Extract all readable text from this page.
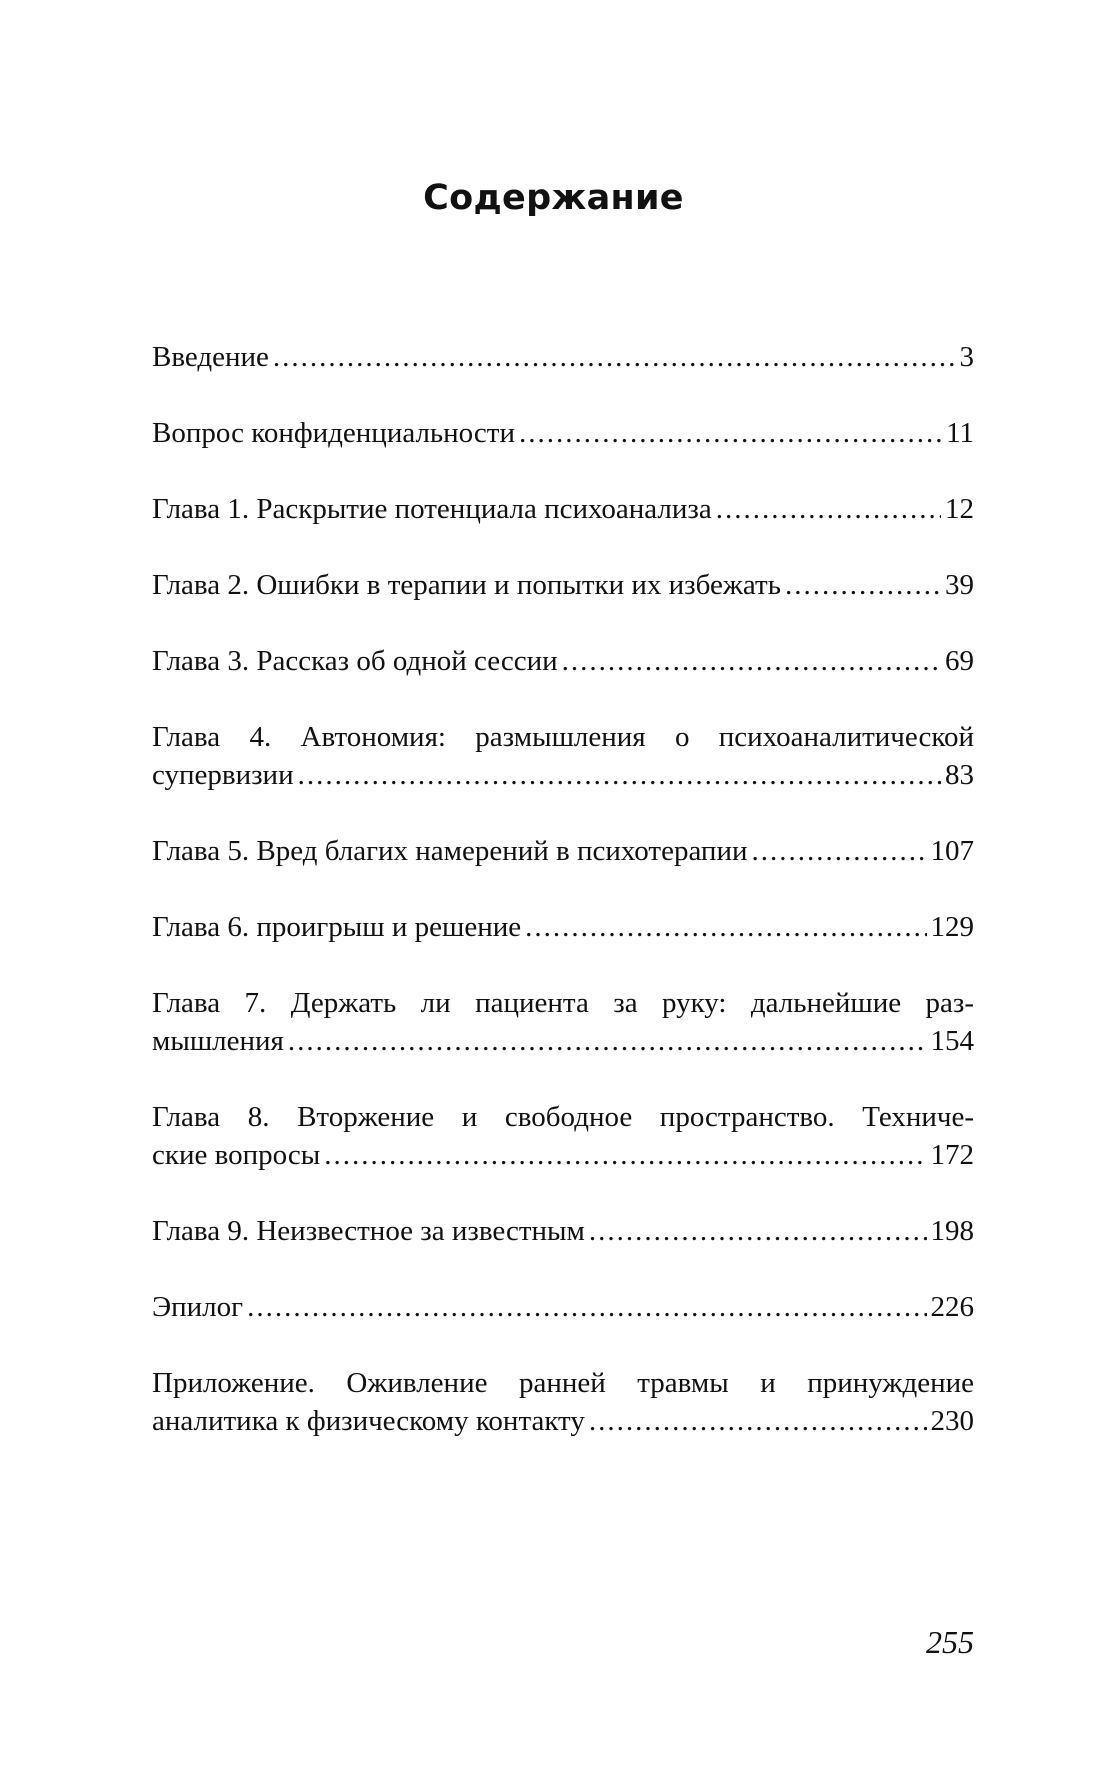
Содержание
Введение .....	3
Вопрос конфиденциальности .....	11
Глава 1. Раскрытие потенциала психоанализа .....	12
Глава 2. Ошибки в терапии и попытки их избежать .....	39
Глава 3. Рассказ об одной сессии .....	69
Глава 4. Автономия: размышления о психоаналитической
супервизии .....	83
Глава 5. Вред благих намерений в психотерапии .....	107
Глава 6. проигрыш и решение .....	129
Глава 7. Держать ли пациента за руку: дальнейшие раз-
мышления .....	154
Глава 8. Вторжение и свободное пространство. Техниче-
ские вопросы .....	172
Глава 9. Неизвестное за известным .....	198
Эпилог .....	226
Приложение. Оживление ранней травмы и принуждение
аналитика к физическому контакту .....	230
255
